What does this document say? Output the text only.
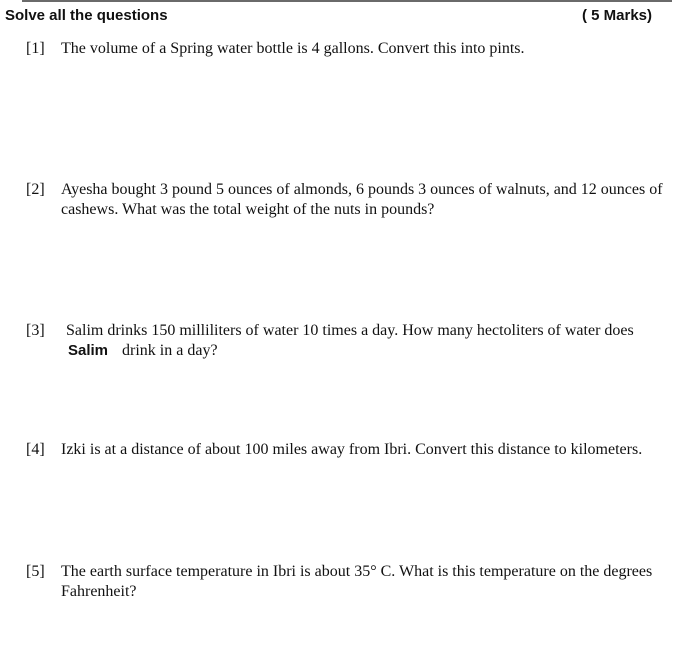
Solve all the questions	( 5 Marks)
[1] The volume of a Spring water bottle is 4 gallons. Convert this into pints.
[2] Ayesha bought 3 pound 5 ounces of almonds, 6 pounds 3 ounces of walnuts, and 12 ounces of cashews. What was the total weight of the nuts in pounds?
[3] Salim drinks 150 milliliters of water 10 times a day. How many hectoliters of water does
Salim drink in a day?
[4] Izki is at a distance of about 100 miles away from Ibri. Convert this distance to kilometers.
[5] The earth surface temperature in Ibri is about 35° C. What is this temperature on the degrees Fahrenheit?
